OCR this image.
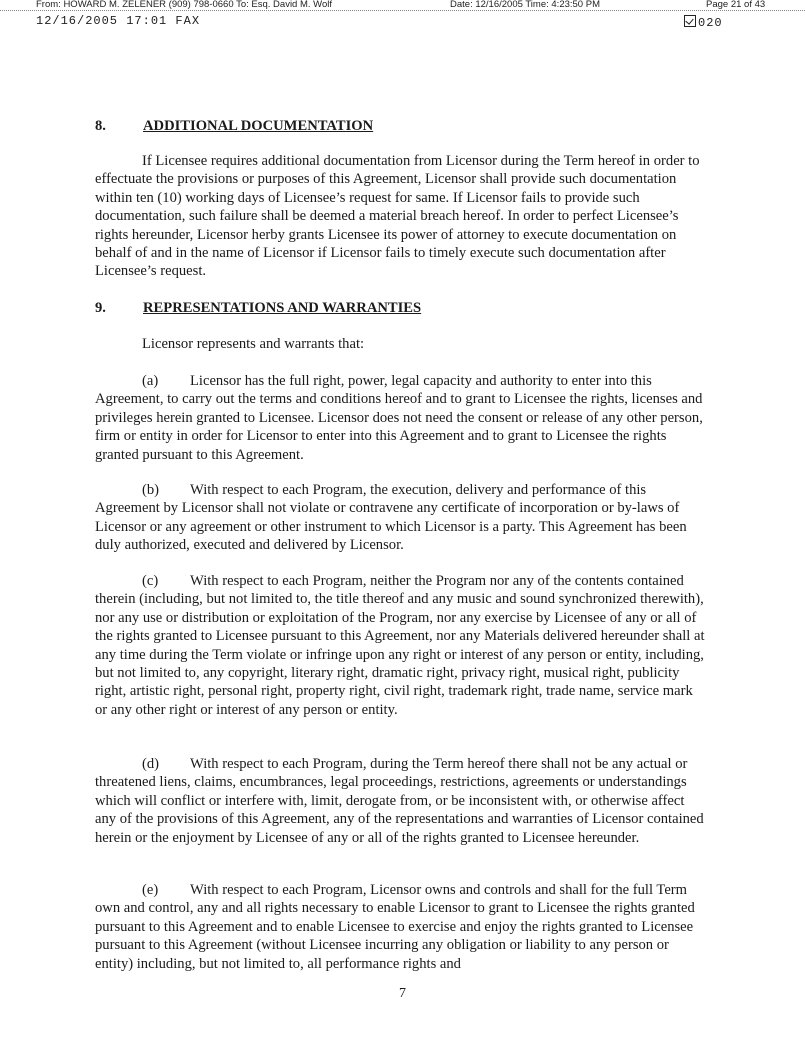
From: HOWARD M. ZELENER (909) 798-0660 To: Esq. David M. Wolf	Date: 12/16/2005 Time: 4:23:50 PM	Page 21 of 43
12/16/2005 17:01 FAX	020
8.	ADDITIONAL DOCUMENTATION

If Licensee requires additional documentation from Licensor during the Term hereof in order to effectuate the provisions or purposes of this Agreement, Licensor shall provide such documentation within ten (10) working days of Licensee’s request for same. If Licensor fails to provide such documentation, such failure shall be deemed a material breach hereof. In order to perfect Licensee’s rights hereunder, Licensor herby grants Licensee its power of attorney to execute documentation on behalf of and in the name of Licensor if Licensor fails to timely execute such documentation after Licensee’s request.

9.	REPRESENTATIONS AND WARRANTIES

Licensor represents and warrants that:

(a) Licensor has the full right, power, legal capacity and authority to enter into this Agreement, to carry out the terms and conditions hereof and to grant to Licensee the rights, licenses and privileges herein granted to Licensee. Licensor does not need the consent or release of any other person, firm or entity in order for Licensor to enter into this Agreement and to grant to Licensee the rights granted pursuant to this Agreement.

(b) With respect to each Program, the execution, delivery and performance of this Agreement by Licensor shall not violate or contravene any certificate of incorporation or by-laws of Licensor or any agreement or other instrument to which Licensor is a party. This Agreement has been duly authorized, executed and delivered by Licensor.

(c) With respect to each Program, neither the Program nor any of the contents contained therein (including, but not limited to, the title thereof and any music and sound synchronized therewith), nor any use or distribution or exploitation of the Program, nor any exercise by Licensee of any or all of the rights granted to Licensee pursuant to this Agreement, nor any Materials delivered hereunder shall at any time during the Term violate or infringe upon any right or interest of any person or entity, including, but not limited to, any copyright, literary right, dramatic right, privacy right, musical right, publicity right, artistic right, personal right, property right, civil right, trademark right, trade name, service mark or any other right or interest of any person or entity.

(d) With respect to each Program, during the Term hereof there shall not be any actual or threatened liens, claims, encumbrances, legal proceedings, restrictions, agreements or understandings which will conflict or interfere with, limit, derogate from, or be inconsistent with, or otherwise affect any of the provisions of this Agreement, any of the representations and warranties of Licensor contained herein or the enjoyment by Licensee of any or all of the rights granted to Licensee hereunder.

(e) With respect to each Program, Licensor owns and controls and shall for the full Term own and control, any and all rights necessary to enable Licensor to grant to Licensee the rights granted pursuant to this Agreement and to enable Licensee to exercise and enjoy the rights granted to Licensee pursuant to this Agreement (without Licensee incurring any obligation or liability to any person or entity) including, but not limited to, all performance rights and

7
